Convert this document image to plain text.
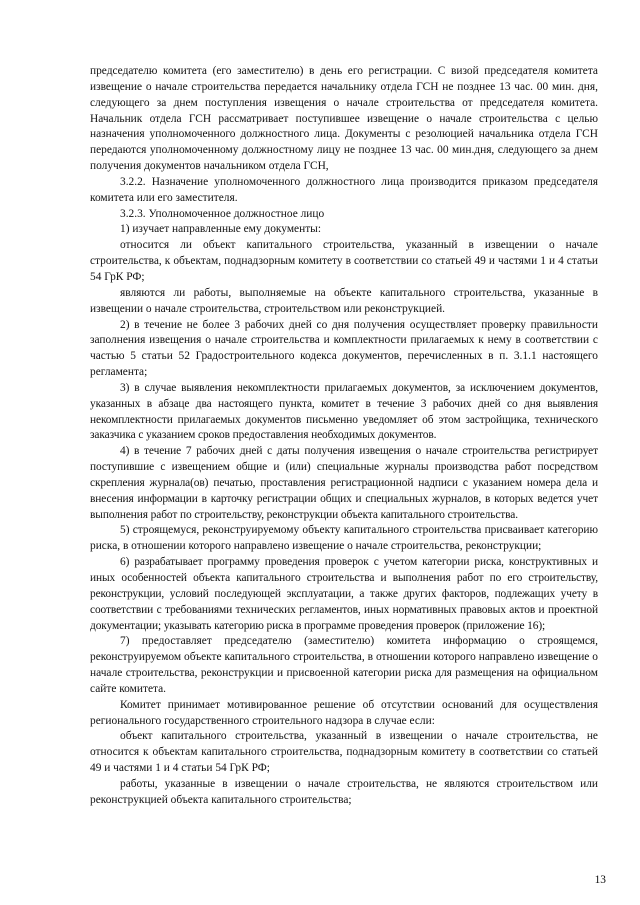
председателю комитета (его заместителю) в день его регистрации. С визой председателя комитета извещение о начале строительства передается начальнику отдела ГСН не позднее 13 час. 00 мин. дня, следующего за днем поступления извещения о начале строительства от председателя комитета. Начальник отдела ГСН рассматривает поступившее извещение о начале строительства с целью назначения уполномоченного должностного лица. Документы с резолюцией начальника отдела ГСН передаются уполномоченному должностному лицу не позднее 13 час. 00 мин.дня, следующего за днем получения документов начальником отдела ГСН,

3.2.2. Назначение уполномоченного должностного лица производится приказом председателя комитета или его заместителя.

3.2.3. Уполномоченное должностное лицо

1) изучает направленные ему документы:

относится ли объект капитального строительства, указанный в извещении о начале строительства, к объектам, поднадзорным комитету в соответствии со статьей 49 и частями 1 и 4 статьи 54 ГрК РФ;

являются ли работы, выполняемые на объекте капитального строительства, указанные в извещении о начале строительства, строительством или реконструкцией.

2) в течение не более 3 рабочих дней со дня получения осуществляет проверку правильности заполнения извещения о начале строительства и комплектности прилагаемых к нему в соответствии с частью 5 статьи 52 Градостроительного кодекса документов, перечисленных в п. 3.1.1 настоящего регламента;

3) в случае выявления некомплектности прилагаемых документов, за исключением документов, указанных в абзаце два настоящего пункта, комитет в течение 3 рабочих дней со дня выявления некомплектности прилагаемых документов письменно уведомляет об этом застройщика, технического заказчика с указанием сроков предоставления необходимых документов.

4) в течение 7 рабочих дней с даты получения извещения о начале строительства регистрирует поступившие с извещением общие и (или) специальные журналы производства работ посредством скрепления журнала(ов) печатью, проставления регистрационной надписи с указанием номера дела и внесения информации в карточку регистрации общих и специальных журналов, в которых ведется учет выполнения работ по строительству, реконструкции объекта капитального строительства.

5) строящемуся, реконструируемому объекту капитального строительства присваивает категорию риска, в отношении которого направлено извещение о начале строительства, реконструкции;

6) разрабатывает программу проведения проверок с учетом категории риска, конструктивных и иных особенностей объекта капитального строительства и выполнения работ по его строительству, реконструкции, условий последующей эксплуатации, а также других факторов, подлежащих учету в соответствии с требованиями технических регламентов, иных нормативных правовых актов и проектной документации; указывать категорию риска в программе проведения проверок (приложение 16);

7) предоставляет председателю (заместителю) комитета информацию о строящемся, реконструируемом объекте капитального строительства, в отношении которого направлено извещение о начале строительства, реконструкции и присвоенной категории риска для размещения на официальном сайте комитета.

Комитет принимает мотивированное решение об отсутствии оснований для осуществления регионального государственного строительного надзора в случае если:

объект капитального строительства, указанный в извещении о начале строительства, не относится к объектам капитального строительства, поднадзорным комитету в соответствии со статьей 49 и частями 1 и 4 статьи 54 ГрК РФ;

работы, указанные в извещении о начале строительства, не являются строительством или реконструкцией объекта капитального строительства;

13
